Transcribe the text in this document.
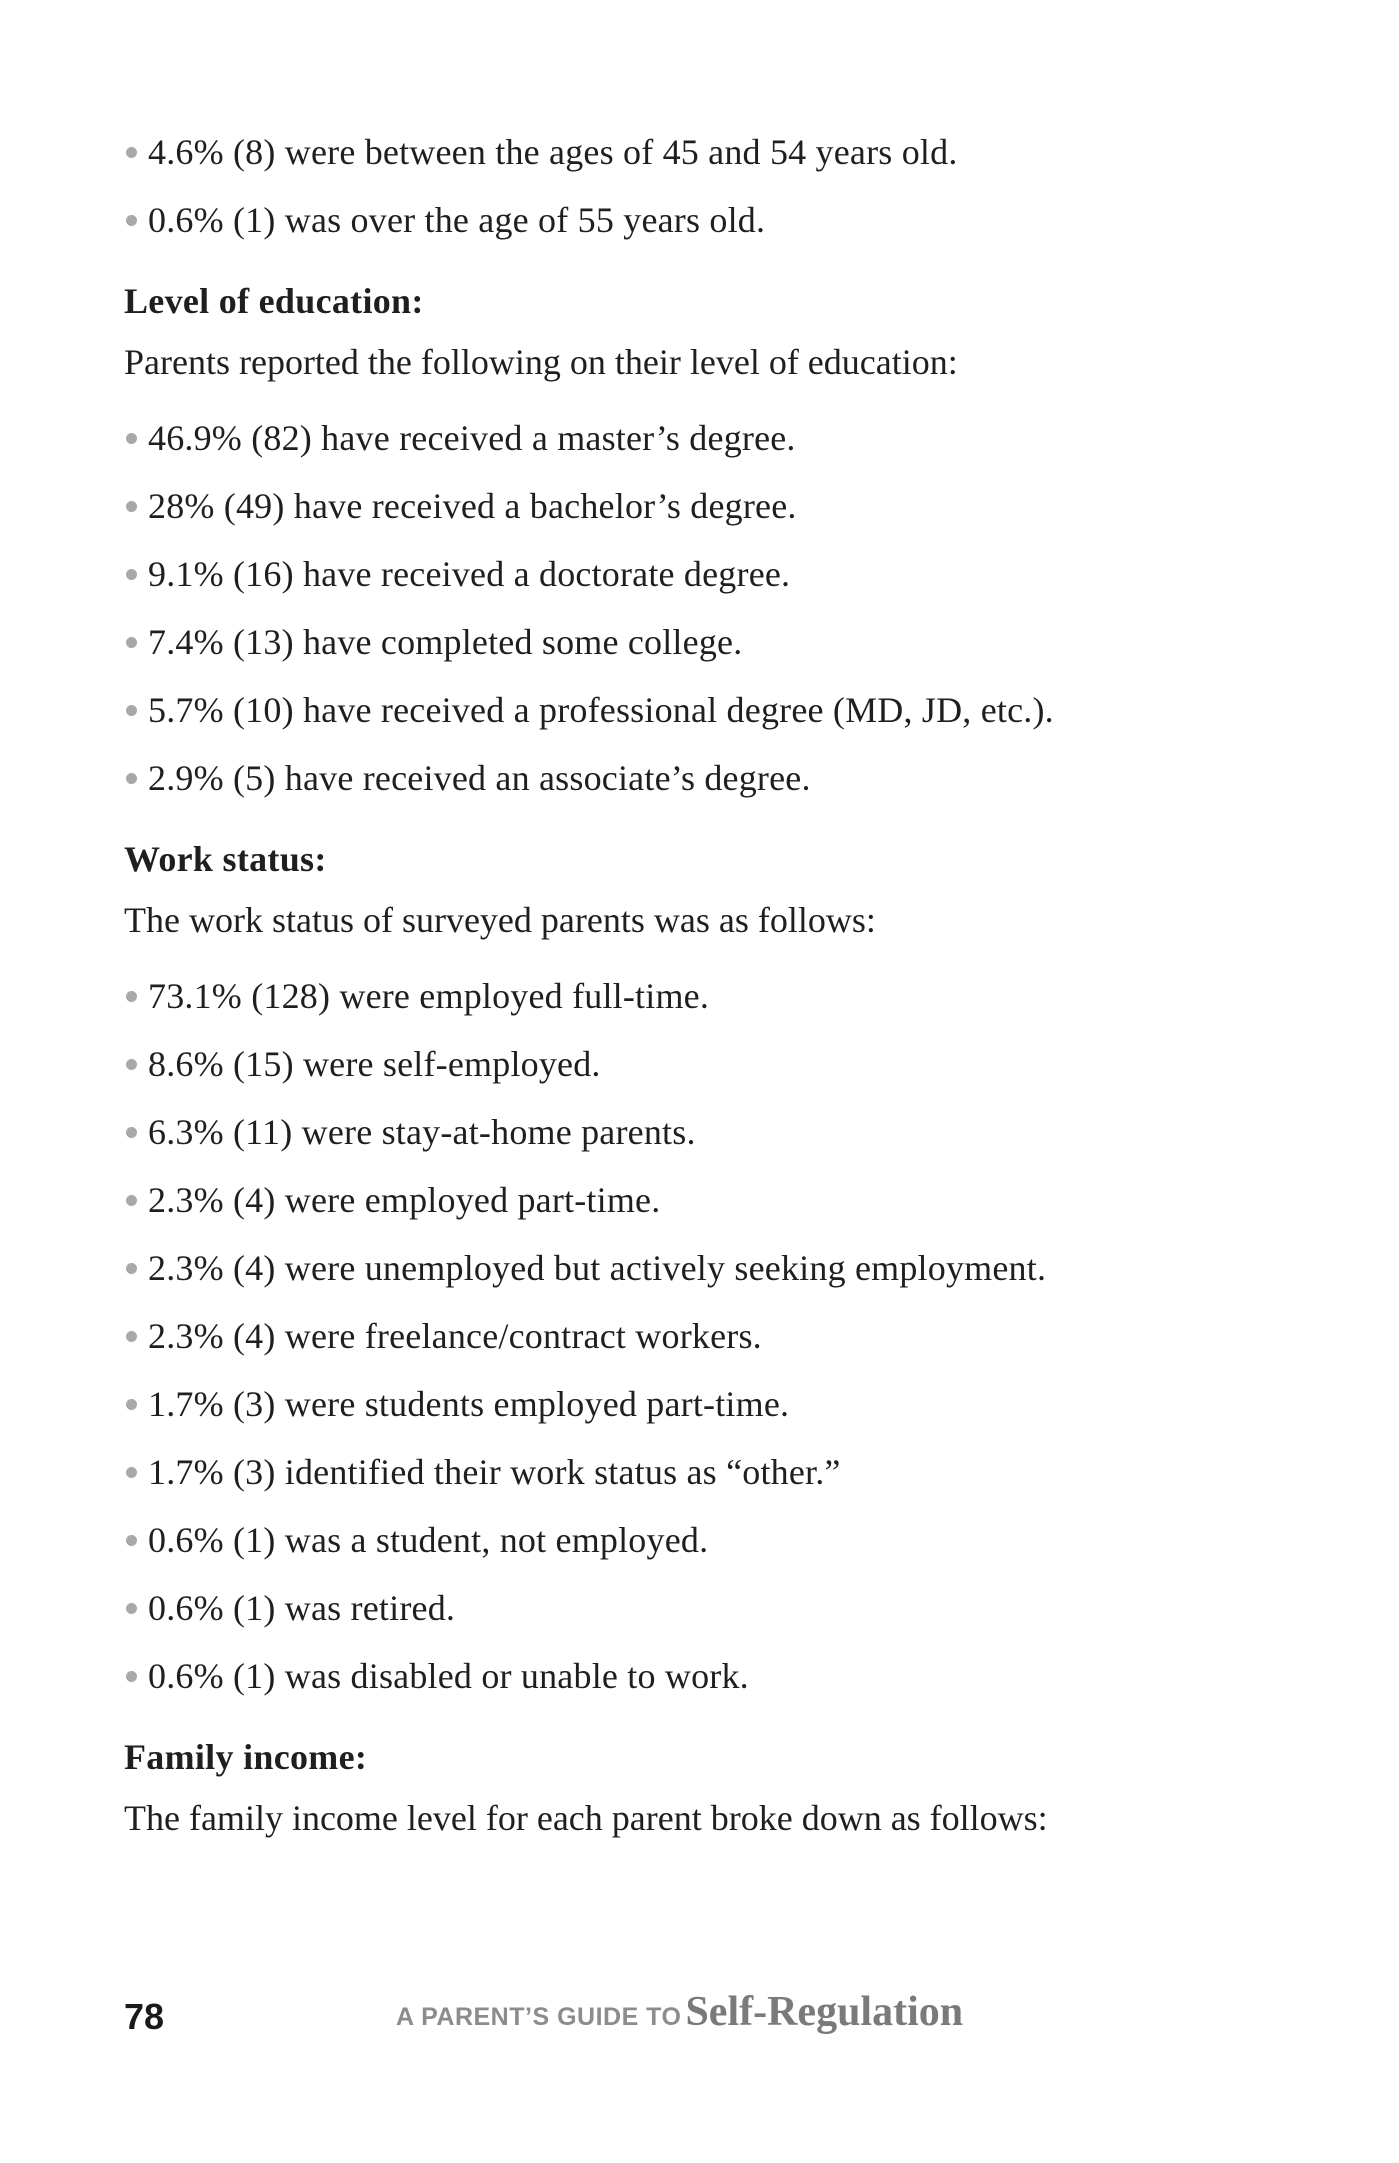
4.6% (8) were between the ages of 45 and 54 years old.
0.6% (1) was over the age of 55 years old.
Level of education:

Parents reported the following on their level of education:

46.9% (82) have received a master’s degree.
28% (49) have received a bachelor’s degree.
9.1% (16) have received a doctorate degree.
7.4% (13) have completed some college.
5.7% (10) have received a professional degree (MD, JD, etc.).
2.9% (5) have received an associate’s degree.
Work status:

The work status of surveyed parents was as follows:

73.1% (128) were employed full-time.
8.6% (15) were self-employed.
6.3% (11) were stay-at-home parents.
2.3% (4) were employed part-time.
2.3% (4) were unemployed but actively seeking employment.
2.3% (4) were freelance/contract workers.
1.7% (3) were students employed part-time.
1.7% (3) identified their work status as “other.”
0.6% (1) was a student, not employed.
0.6% (1) was retired.
0.6% (1) was disabled or unable to work.
Family income:

The family income level for each parent broke down as follows:

78	A PARENT’S GUIDE TO Self-Regulation
